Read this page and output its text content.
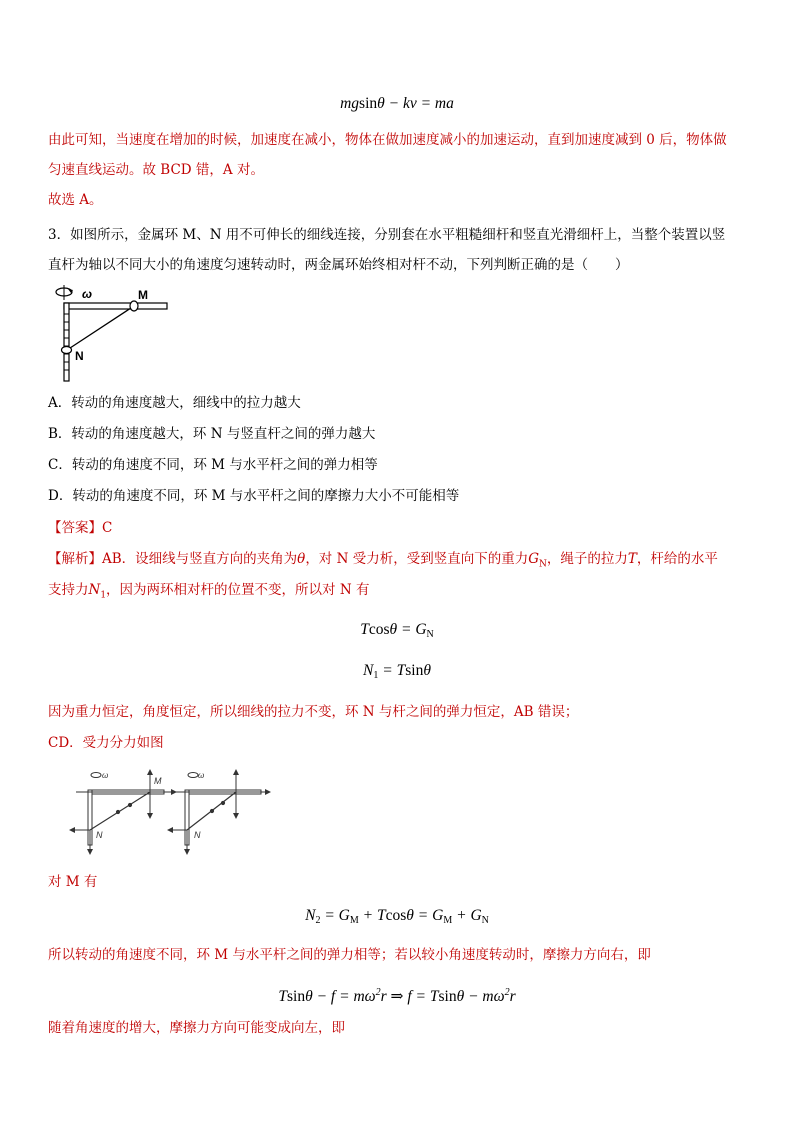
mgsinθ − kv = ma
由此可知，当速度在增加的时候，加速度在减小，物体在做加速度减小的加速运动，直到加速度减到 0 后，物体做
匀速直线运动。故 BCD 错，A 对。
故选 A。
3．如图所示，金属环 M、N 用不可伸长的细线连接，分别套在水平粗糙细杆和竖直光滑细杆上，当整个装置以竖
直杆为轴以不同大小的角速度匀速转动时，两金属环始终相对杆不动，下列判断正确的是（　　）
ω	M
N
A．转动的角速度越大，细线中的拉力越大
B．转动的角速度越大，环 N 与竖直杆之间的弹力越大
C．转动的角速度不同，环 M 与水平杆之间的弹力相等
D．转动的角速度不同，环 M 与水平杆之间的摩擦力大小不可能相等
【答案】C
【解析】AB．设细线与竖直方向的夹角为θ，对 N 受力析，受到竖直向下的重力$G_N$，绳子的拉力T，杆给的水平
支持力$N_1$，因为两环相对杆的位置不变，所以对 N 有
$Tcos\theta = G_N$
$N_1 = Tsin\theta$
因为重力恒定，角度恒定，所以细线的拉力不变，环 N 与杆之间的弹力恒定，AB 错误；
CD．受力分力如图
ω
M
N
ω
N
对 M 有
$N_2 = G_M + Tcos\theta = G_M + G_N$
所以转动的角速度不同，环 M 与水平杆之间的弹力相等；若以较小角速度转动时，摩擦力方向右，即
$Tsin\theta - f = m\omega^2r$ ⇒ $f = Tsin\theta - m\omega^2r$
随着角速度的增大，摩擦力方向可能变成向左，即
